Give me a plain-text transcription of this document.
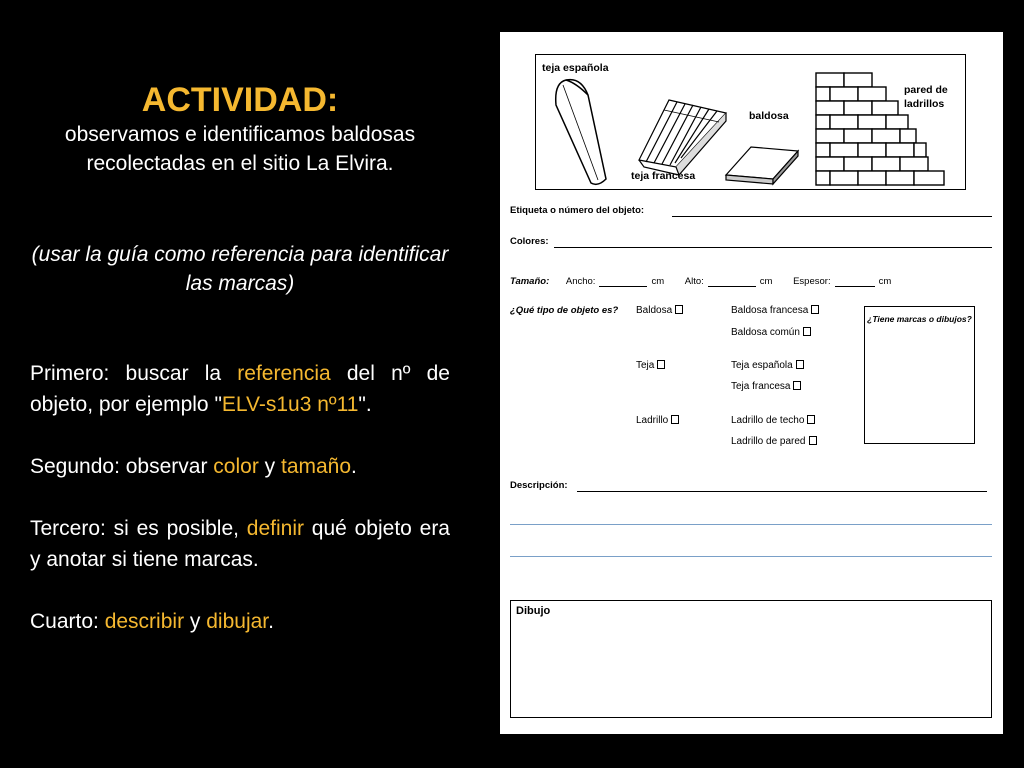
ACTIVIDAD:

observamos e identificamos baldosas recolectadas en el sitio La Elvira.

(usar la guía como referencia para identificar las marcas)

Primero: buscar la referencia del nº de objeto, por ejemplo "ELV-s1u3 nº11".

Segundo: observar color y tamaño.

Tercero: si es posible, definir qué objeto era y anotar si tiene marcas.

Cuarto: describir y dibujar.

teja española
teja francesa
baldosa
pared de
ladrillos
Etiqueta o número del objeto:
Colores:
Tamaño: Ancho:	cm Alto:	cm Espesor:	cm
¿Qué tipo de objeto es? Baldosa	Baldosa francesa
Baldosa común
Teja	Teja española
Teja francesa
Ladrillo	Ladrillo de techo
Ladrillo de pared
¿Tiene marcas o dibujos?
Descripción:
Dibujo
